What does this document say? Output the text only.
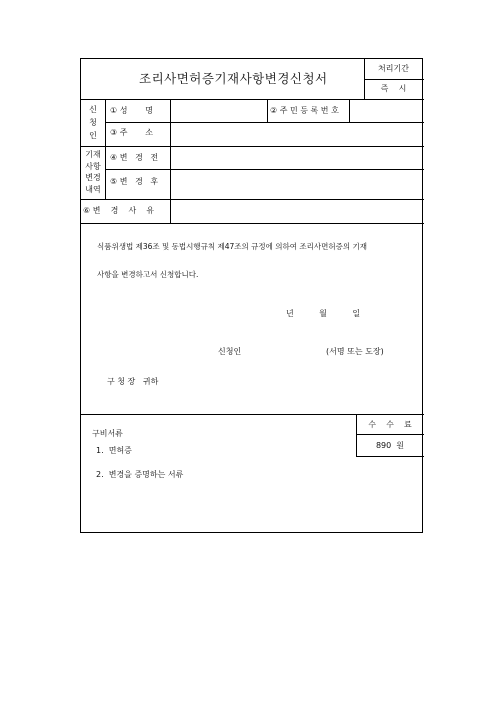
조리사면허증기재사항변경신청서
처리기간
즉    시
신
청
인
① 성       명	② 주 민 등 록 번 호
③ 주       소
기재
사항
변경
내역
④ 변   경   전
⑤ 변   경   후
⑥ 변    경    사    유
식품위생법 제36조 및 동법시행규칙 제47조의 규정에 의하여 조리사면허증의 기재
사항을 변경하고서 신청합니다.
년          월          일
신청인	(서명 또는 도장)
구 청 장   귀하
수    수    료
890  원
구비서류
1.  면허증
2.  변경을 증명하는 서류
